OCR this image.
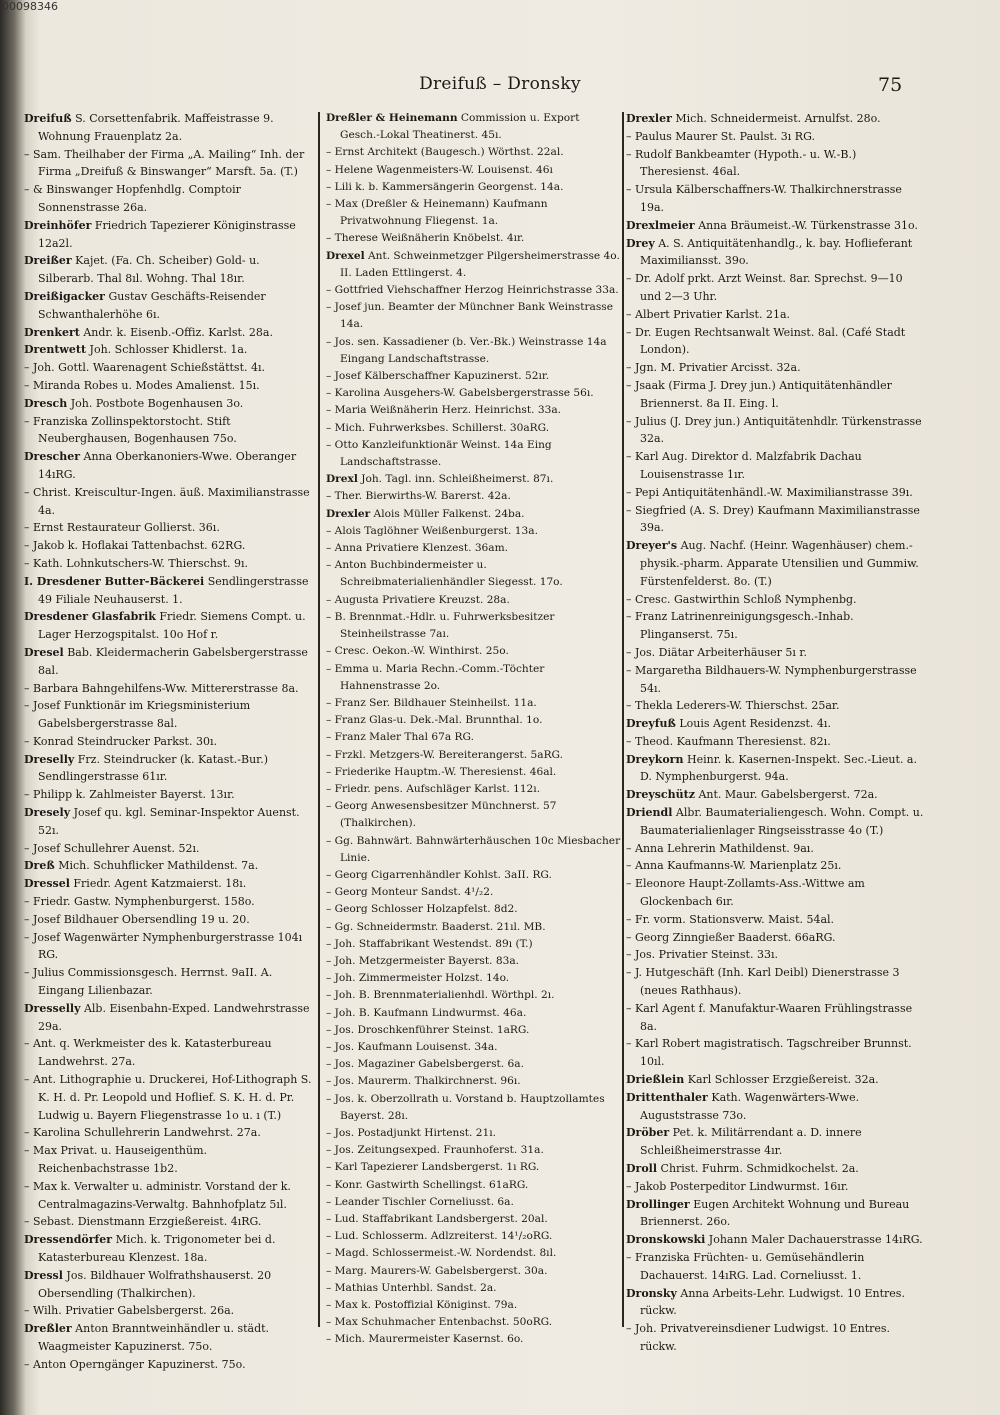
00098346
Dreifuß – Dronsky	75

Dreifuß S. Corsettenfabrik. Maffeistrasse 9. Wohnung Frauenplatz 2a.

– Sam. Theilhaber der Firma „A. Mailing“ Inh. der Firma „Dreifuß & Binswanger“ Marsft. 5a. (T.)

– & Binswanger Hopfenhdlg. Comptoir Sonnenstrasse 26a.

Dreinhöfer Friedrich Tapezierer Königinstrasse 12a2l.

Dreißer Kajet. (Fa. Ch. Scheiber) Gold- u. Silberarb. Thal 8ıl. Wohng. Thal 18ır.

Dreißigacker Gustav Geschäfts-Reisender Schwanthalerhöhe 6ı.

Drenkert Andr. k. Eisenb.-Offiz. Karlst. 28a.

Drentwett Joh. Schlosser Khidlerst. 1a.

– Joh. Gottl. Waarenagent Schießstättst. 4ı.

– Miranda Robes u. Modes Amalienst. 15ı.

Dresch Joh. Postbote Bogenhausen 3o.

– Franziska Zollinspektorstocht. Stift Neuberghausen, Bogenhausen 75o.

Drescher Anna Oberkanoniers-Wwe. Oberanger 14ıRG.

– Christ. Kreiscultur-Ingen. äuß. Maximilianstrasse 4a.

– Ernst Restaurateur Gollierst. 36ı.

– Jakob k. Hoflakai Tattenbachst. 62RG.

– Kath. Lohnkutschers-W. Thierschst. 9ı.

I. Dresdener Butter-Bäckerei Sendlingerstrasse 49 Filiale Neuhauserst. 1.

Dresdener Glasfabrik Friedr. Siemens Compt. u. Lager Herzogspitalst. 10o Hof r.

Dresel Bab. Kleidermacherin Gabelsbergerstrasse 8al.

– Barbara Bahngehilfens-Ww. Mittererstrasse 8a.

– Josef Funktionär im Kriegsministerium Gabelsbergerstrasse 8al.

– Konrad Steindrucker Parkst. 30ı.

Dreselly Frz. Steindrucker (k. Katast.-Bur.) Sendlingerstrasse 61ır.

– Philipp k. Zahlmeister Bayerst. 13ır.

Dresely Josef qu. kgl. Seminar-Inspektor Auenst. 52ı.

– Josef Schullehrer Auenst. 52ı.

Dreß Mich. Schuhflicker Mathildenst. 7a.

Dressel Friedr. Agent Katzmaierst. 18ı.

– Friedr. Gastw. Nymphenburgerst. 158o.

– Josef Bildhauer Obersendling 19 u. 20.

– Josef Wagenwärter Nymphenburgerstrasse 104ı RG.

– Julius Commissionsgesch. Herrnst. 9aII. A. Eingang Lilienbazar.

Dresselly Alb. Eisenbahn-Exped. Landwehrstrasse 29a.

– Ant. q. Werkmeister des k. Katasterbureau Landwehrst. 27a.

– Ant. Lithographie u. Druckerei, Hof-Lithograph S. K. H. d. Pr. Leopold und Hoflief. S. K. H. d. Pr. Ludwig u. Bayern Fliegenstrasse 1o u. ı (T.)

– Karolina Schullehrerin Landwehrst. 27a.

– Max Privat. u. Hauseigenthüm. Reichenbachstrasse 1b2.

– Max k. Verwalter u. administr. Vorstand der k. Centralmagazins-Verwaltg. Bahnhofplatz 5ıl.

– Sebast. Dienstmann Erzgießereist. 4ıRG.

Dressendörfer Mich. k. Trigonometer bei d. Katasterbureau Klenzest. 18a.

Dressl Jos. Bildhauer Wolfrathshauserst. 20 Obersendling (Thalkirchen).

– Wilh. Privatier Gabelsbergerst. 26a.

Dreßler Anton Branntweinhändler u. städt. Waagmeister Kapuzinerst. 75o.

– Anton Operngänger Kapuzinerst. 75o.

Dreßler & Heinemann Commission u. Export Gesch.-Lokal Theatinerst. 45ı.

– Ernst Architekt (Baugesch.) Wörthst. 22al.

– Helene Wagenmeisters-W. Louisenst. 46ı

– Lili k. b. Kammersängerin Georgenst. 14a.

– Max (Dreßler & Heinemann) Kaufmann Privatwohnung Fliegenst. 1a.

– Therese Weißnäherin Knöbelst. 4ır.

Drexel Ant. Schweinmetzger Pilgersheimerstrasse 4o. II. Laden Ettlingerst. 4.

– Gottfried Viehschaffner Herzog Heinrichstrasse 33a.

– Josef jun. Beamter der Münchner Bank Weinstrasse 14a.

– Jos. sen. Kassadiener (b. Ver.-Bk.) Weinstrasse 14a Eingang Landschaftstrasse.

– Josef Kälberschaffner Kapuzinerst. 52ır.

– Karolina Ausgehers-W. Gabelsbergerstrasse 56ı.

– Maria Weißnäherin Herz. Heinrichst. 33a.

– Mich. Fuhrwerksbes. Schillerst. 30aRG.

– Otto Kanzleifunktionär Weinst. 14a Eing Landschaftstrasse.

Drexl Joh. Tagl. inn. Schleißheimerst. 87ı.

– Ther. Bierwirths-W. Barerst. 42a.

Drexler Alois Müller Falkenst. 24ba.

– Alois Taglöhner Weißenburgerst. 13a.

– Anna Privatiere Klenzest. 36am.

– Anton Buchbindermeister u. Schreibmaterialienhändler Siegesst. 17o.

– Augusta Privatiere Kreuzst. 28a.

– B. Brennmat.-Hdlr. u. Fuhrwerksbesitzer Steinheilstrasse 7aı.

– Cresc. Oekon.-W. Winthirst. 25o.

– Emma u. Maria Rechn.-Comm.-Töchter Hahnenstrasse 2o.

– Franz Ser. Bildhauer Steinheilst. 11a.

– Franz Glas-u. Dek.-Mal. Brunnthal. 1o.

– Franz Maler Thal 67a RG.

– Frzkl. Metzgers-W. Bereiterangerst. 5aRG.

– Friederike Hauptm.-W. Theresienst. 46al.

– Friedr. pens. Aufschläger Karlst. 112ı.

– Georg Anwesensbesitzer Münchnerst. 57 (Thalkirchen).

– Gg. Bahnwärt. Bahnwärterhäuschen 10c Miesbacher Linie.

– Georg Cigarrenhändler Kohlst. 3aII. RG.

– Georg Monteur Sandst. 4¹/₂2.

– Georg Schlosser Holzapfelst. 8d2.

– Gg. Schneidermstr. Baaderst. 21ıl. MB.

– Joh. Staffabrikant Westendst. 89ı (T.)

– Joh. Metzgermeister Bayerst. 83a.

– Joh. Zimmermeister Holzst. 14o.

– Joh. B. Brennmaterialienhdl. Wörthpl. 2ı.

– Joh. B. Kaufmann Lindwurmst. 46a.

– Jos. Droschkenführer Steinst. 1aRG.

– Jos. Kaufmann Louisenst. 34a.

– Jos. Magaziner Gabelsbergerst. 6a.

– Jos. Maurerm. Thalkirchnerst. 96ı.

– Jos. k. Oberzollrath u. Vorstand b. Hauptzollamtes Bayerst. 28ı.

– Jos. Postadjunkt Hirtenst. 21ı.

– Jos. Zeitungsexped. Fraunhoferst. 31a.

– Karl Tapezierer Landsbergerst. 1ı RG.

– Konr. Gastwirth Schellingst. 61aRG.

– Leander Tischler Corneliusst. 6a.

– Lud. Staffabrikant Landsbergerst. 20al.

– Lud. Schlosserm. Adlzreiterst. 14¹/₂oRG.

– Magd. Schlossermeist.-W. Nordendst. 8ıl.

– Marg. Maurers-W. Gabelsbergerst. 30a.

– Mathias Unterhbl. Sandst. 2a.

– Max k. Postoffizial Königinst. 79a.

– Max Schuhmacher Entenbachst. 50oRG.

– Mich. Maurermeister Kasernst. 6o.

Drexler Mich. Schneidermeist. Arnulfst. 28o.

– Paulus Maurer St. Paulst. 3ı RG.

– Rudolf Bankbeamter (Hypoth.- u. W.-B.) Theresienst. 46al.

– Ursula Kälberschaffners-W. Thalkirchnerstrasse 19a.

Drexlmeier Anna Bräumeist.-W. Türkenstrasse 31o.

Drey A. S. Antiquitätenhandlg., k. bay. Hoflieferant Maximiliansst. 39o.

– Dr. Adolf prkt. Arzt Weinst. 8ar. Sprechst. 9—10 und 2—3 Uhr.

– Albert Privatier Karlst. 21a.

– Dr. Eugen Rechtsanwalt Weinst. 8al. (Café Stadt London).

– Jgn. M. Privatier Arcisst. 32a.

– Jsaak (Firma J. Drey jun.) Antiquitätenhändler Briennerst. 8a II. Eing. l.

– Julius (J. Drey jun.) Antiquitätenhdlr. Türkenstrasse 32a.

– Karl Aug. Direktor d. Malzfabrik Dachau Louisenstrasse 1ır.

– Pepi Antiquitätenhändl.-W. Maximilianstrasse 39ı.

– Siegfried (A. S. Drey) Kaufmann Maximilianstrasse 39a.

Dreyer's Aug. Nachf. (Heinr. Wagenhäuser) chem.-physik.-pharm. Apparate Utensilien und Gummiw. Fürstenfelderst. 8o. (T.)

– Cresc. Gastwirthin Schloß Nymphenbg.

– Franz Latrinenreinigungsgesch.-Inhab. Plinganserst. 75ı.

– Jos. Diätar Arbeiterhäuser 5ı r.

– Margaretha Bildhauers-W. Nymphenburgerstrasse 54ı.

– Thekla Lederers-W. Thierschst. 25ar.

Dreyfuß Louis Agent Residenzst. 4ı.

– Theod. Kaufmann Theresienst. 82ı.

Dreykorn Heinr. k. Kasernen-Inspekt. Sec.-Lieut. a. D. Nymphenburgerst. 94a.

Dreyschütz Ant. Maur. Gabelsbergerst. 72a.

Driendl Albr. Baumaterialiengesch. Wohn. Compt. u. Baumaterialienlager Ringseisstrasse 4o (T.)

– Anna Lehrerin Mathildenst. 9aı.

– Anna Kaufmanns-W. Marienplatz 25ı.

– Eleonore Haupt-Zollamts-Ass.-Wittwe am Glockenbach 6ır.

– Fr. vorm. Stationsverw. Maist. 54al.

– Georg Zinngießer Baaderst. 66aRG.

– Jos. Privatier Steinst. 33ı.

– J. Hutgeschäft (Inh. Karl Deibl) Dienerstrasse 3 (neues Rathhaus).

– Karl Agent f. Manufaktur-Waaren Frühlingstrasse 8a.

– Karl Robert magistratisch. Tagschreiber Brunnst. 10ıl.

Drießlein Karl Schlosser Erzgießereist. 32a.

Drittenthaler Kath. Wagenwärters-Wwe. Auguststrasse 73o.

Dröber Pet. k. Militärrendant a. D. innere Schleißheimerstrasse 4ır.

Droll Christ. Fuhrm. Schmidkochelst. 2a.

– Jakob Posterpeditor Lindwurmst. 16ır.

Drollinger Eugen Architekt Wohnung und Bureau Briennerst. 26o.

Dronskowski Johann Maler Dachauerstrasse 14ıRG.

– Franziska Früchten- u. Gemüsehändlerin Dachauerst. 14ıRG. Lad. Corneliusst. 1.

Dronsky Anna Arbeits-Lehr. Ludwigst. 10 Entres. rückw.

– Joh. Privatvereinsdiener Ludwigst. 10 Entres. rückw.
